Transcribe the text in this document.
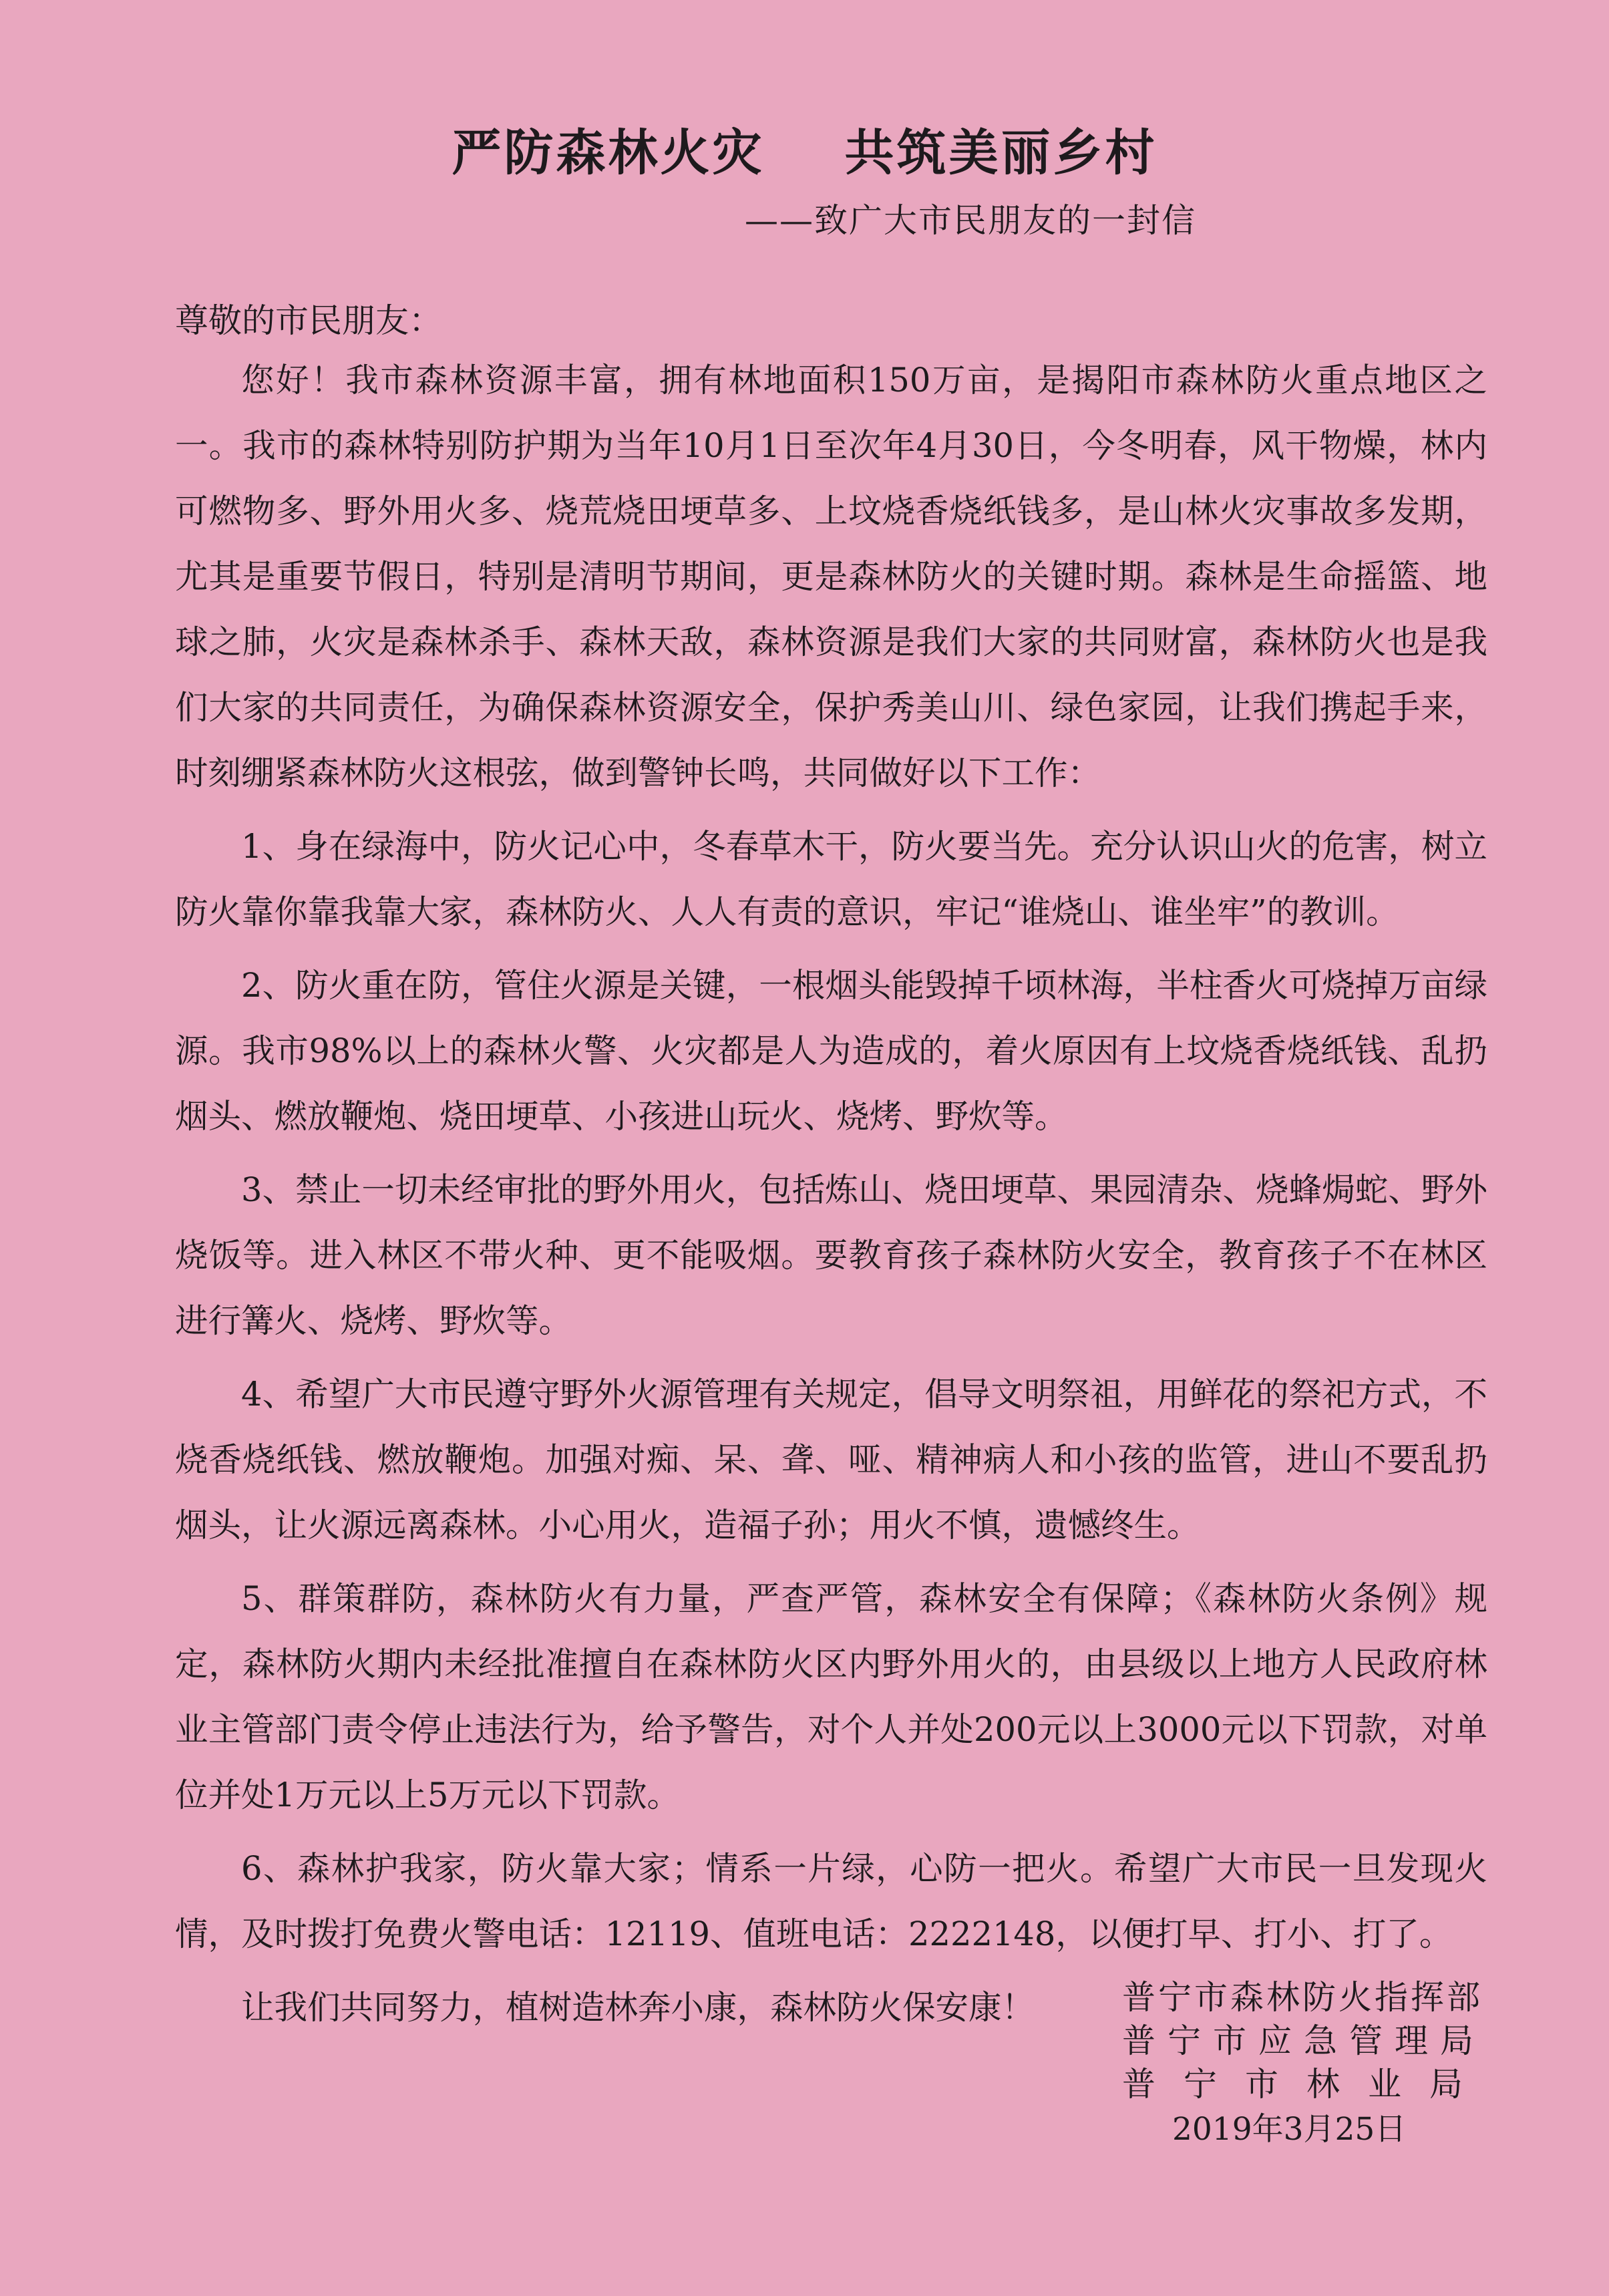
严防森林火灾 共筑美丽乡村
——致广大市民朋友的一封信
尊敬的市民朋友：

您好！我市森林资源丰富，拥有林地面积150万亩，是揭阳市森林防火重点地区之一。我市的森林特别防护期为当年10月1日至次年4月30日，今冬明春，风干物燥，林内可燃物多、野外用火多、烧荒烧田埂草多、上坟烧香烧纸钱多，是山林火灾事故多发期，尤其是重要节假日，特别是清明节期间，更是森林防火的关键时期。森林是生命摇篮、地球之肺，火灾是森林杀手、森林天敌，森林资源是我们大家的共同财富，森林防火也是我们大家的共同责任，为确保森林资源安全，保护秀美山川、绿色家园，让我们携起手来，时刻绷紧森林防火这根弦，做到警钟长鸣，共同做好以下工作：

1、身在绿海中，防火记心中，冬春草木干，防火要当先。充分认识山火的危害，树立防火靠你靠我靠大家，森林防火、人人有责的意识，牢记“谁烧山、谁坐牢”的教训。

2、防火重在防，管住火源是关键，一根烟头能毁掉千顷林海，半柱香火可烧掉万亩绿源。我市98%以上的森林火警、火灾都是人为造成的，着火原因有上坟烧香烧纸钱、乱扔烟头、燃放鞭炮、烧田埂草、小孩进山玩火、烧烤、野炊等。

3、禁止一切未经审批的野外用火，包括炼山、烧田埂草、果园清杂、烧蜂焗蛇、野外烧饭等。进入林区不带火种、更不能吸烟。要教育孩子森林防火安全，教育孩子不在林区进行篝火、烧烤、野炊等。

4、希望广大市民遵守野外火源管理有关规定，倡导文明祭祖，用鲜花的祭祀方式，不烧香烧纸钱、燃放鞭炮。加强对痴、呆、聋、哑、精神病人和小孩的监管，进山不要乱扔烟头，让火源远离森林。小心用火，造福子孙；用火不慎，遗憾终生。

5、群策群防，森林防火有力量，严查严管，森林安全有保障；《森林防火条例》规定，森林防火期内未经批准擅自在森林防火区内野外用火的，由县级以上地方人民政府林业主管部门责令停止违法行为，给予警告，对个人并处200元以上3000元以下罚款，对单位并处1万元以上5万元以下罚款。

6、森林护我家，防火靠大家；情系一片绿，心防一把火。希望广大市民一旦发现火情，及时拨打免费火警电话：12119、值班电话：2222148，以便打早、打小、打了。

让我们共同努力，植树造林奔小康，森林防火保安康！	普宁市森林防火指挥部
普宁市应急管理局
普宁市林业局
2019年3月25日
